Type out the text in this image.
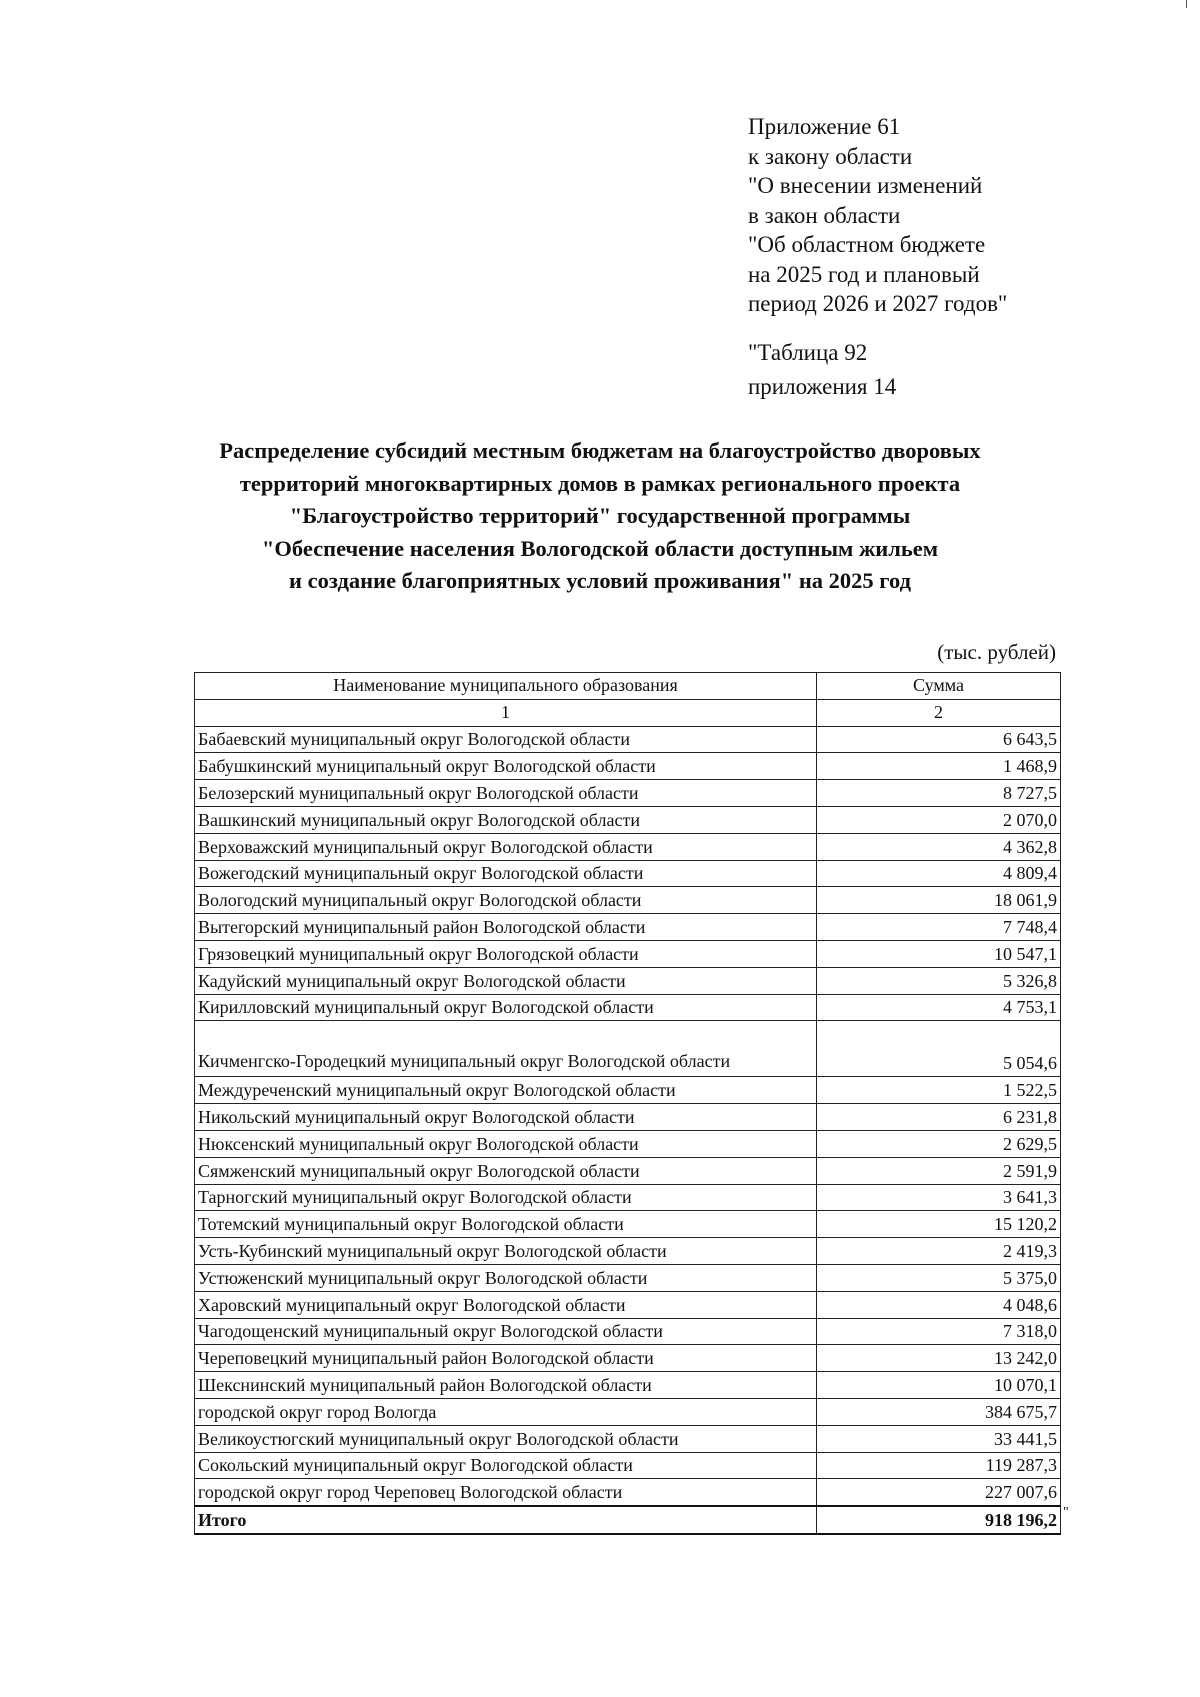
Приложение 61
к закону области
"О внесении изменений
в закон области
"Об областном бюджете
на 2025 год и плановый
период 2026 и 2027 годов"
"Таблица 92
приложения 14
Распределение субсидий местным бюджетам на благоустройство дворовых
территорий многоквартирных домов в рамках регионального проекта
"Благоустройство территорий" государственной программы
"Обеспечение населения Вологодской области доступным жильем
и создание благоприятных условий проживания" на 2025 год
(тыс. рублей)
Наименование муниципального образования	Сумма
1	2
Бабаевский муниципальный округ Вологодской области	6 643,5
Бабушкинский муниципальный округ Вологодской области	1 468,9
Белозерский муниципальный округ Вологодской области	8 727,5
Вашкинский муниципальный округ Вологодской области	2 070,0
Верховажский муниципальный округ Вологодской области	4 362,8
Вожегодский муниципальный округ Вологодской области	4 809,4
Вологодский муниципальный округ Вологодской области	18 061,9
Вытегорский муниципальный район Вологодской области	7 748,4
Грязовецкий муниципальный округ Вологодской области	10 547,1
Кадуйский муниципальный округ Вологодской области	5 326,8
Кирилловский муниципальный округ Вологодской области	4 753,1
Кичменгско-Городецкий муниципальный округ Вологодской области	5 054,6
Междуреченский муниципальный округ Вологодской области	1 522,5
Никольский муниципальный округ Вологодской области	6 231,8
Нюксенский муниципальный округ Вологодской области	2 629,5
Сямженский муниципальный округ Вологодской области	2 591,9
Тарногский муниципальный округ Вологодской области	3 641,3
Тотемский муниципальный округ Вологодской области	15 120,2
Усть-Кубинский муниципальный округ Вологодской области	2 419,3
Устюженский муниципальный округ Вологодской области	5 375,0
Харовский муниципальный округ Вологодской области	4 048,6
Чагодощенский муниципальный округ Вологодской области	7 318,0
Череповецкий муниципальный район Вологодской области	13 242,0
Шекснинский муниципальный район Вологодской области	10 070,1
городской округ город Вологда	384 675,7
Великоустюгский муниципальный округ Вологодской области	33 441,5
Сокольский муниципальный округ Вологодской области	119 287,3
городской округ город Череповец Вологодской области	227 007,6
Итого	918 196,2 "
